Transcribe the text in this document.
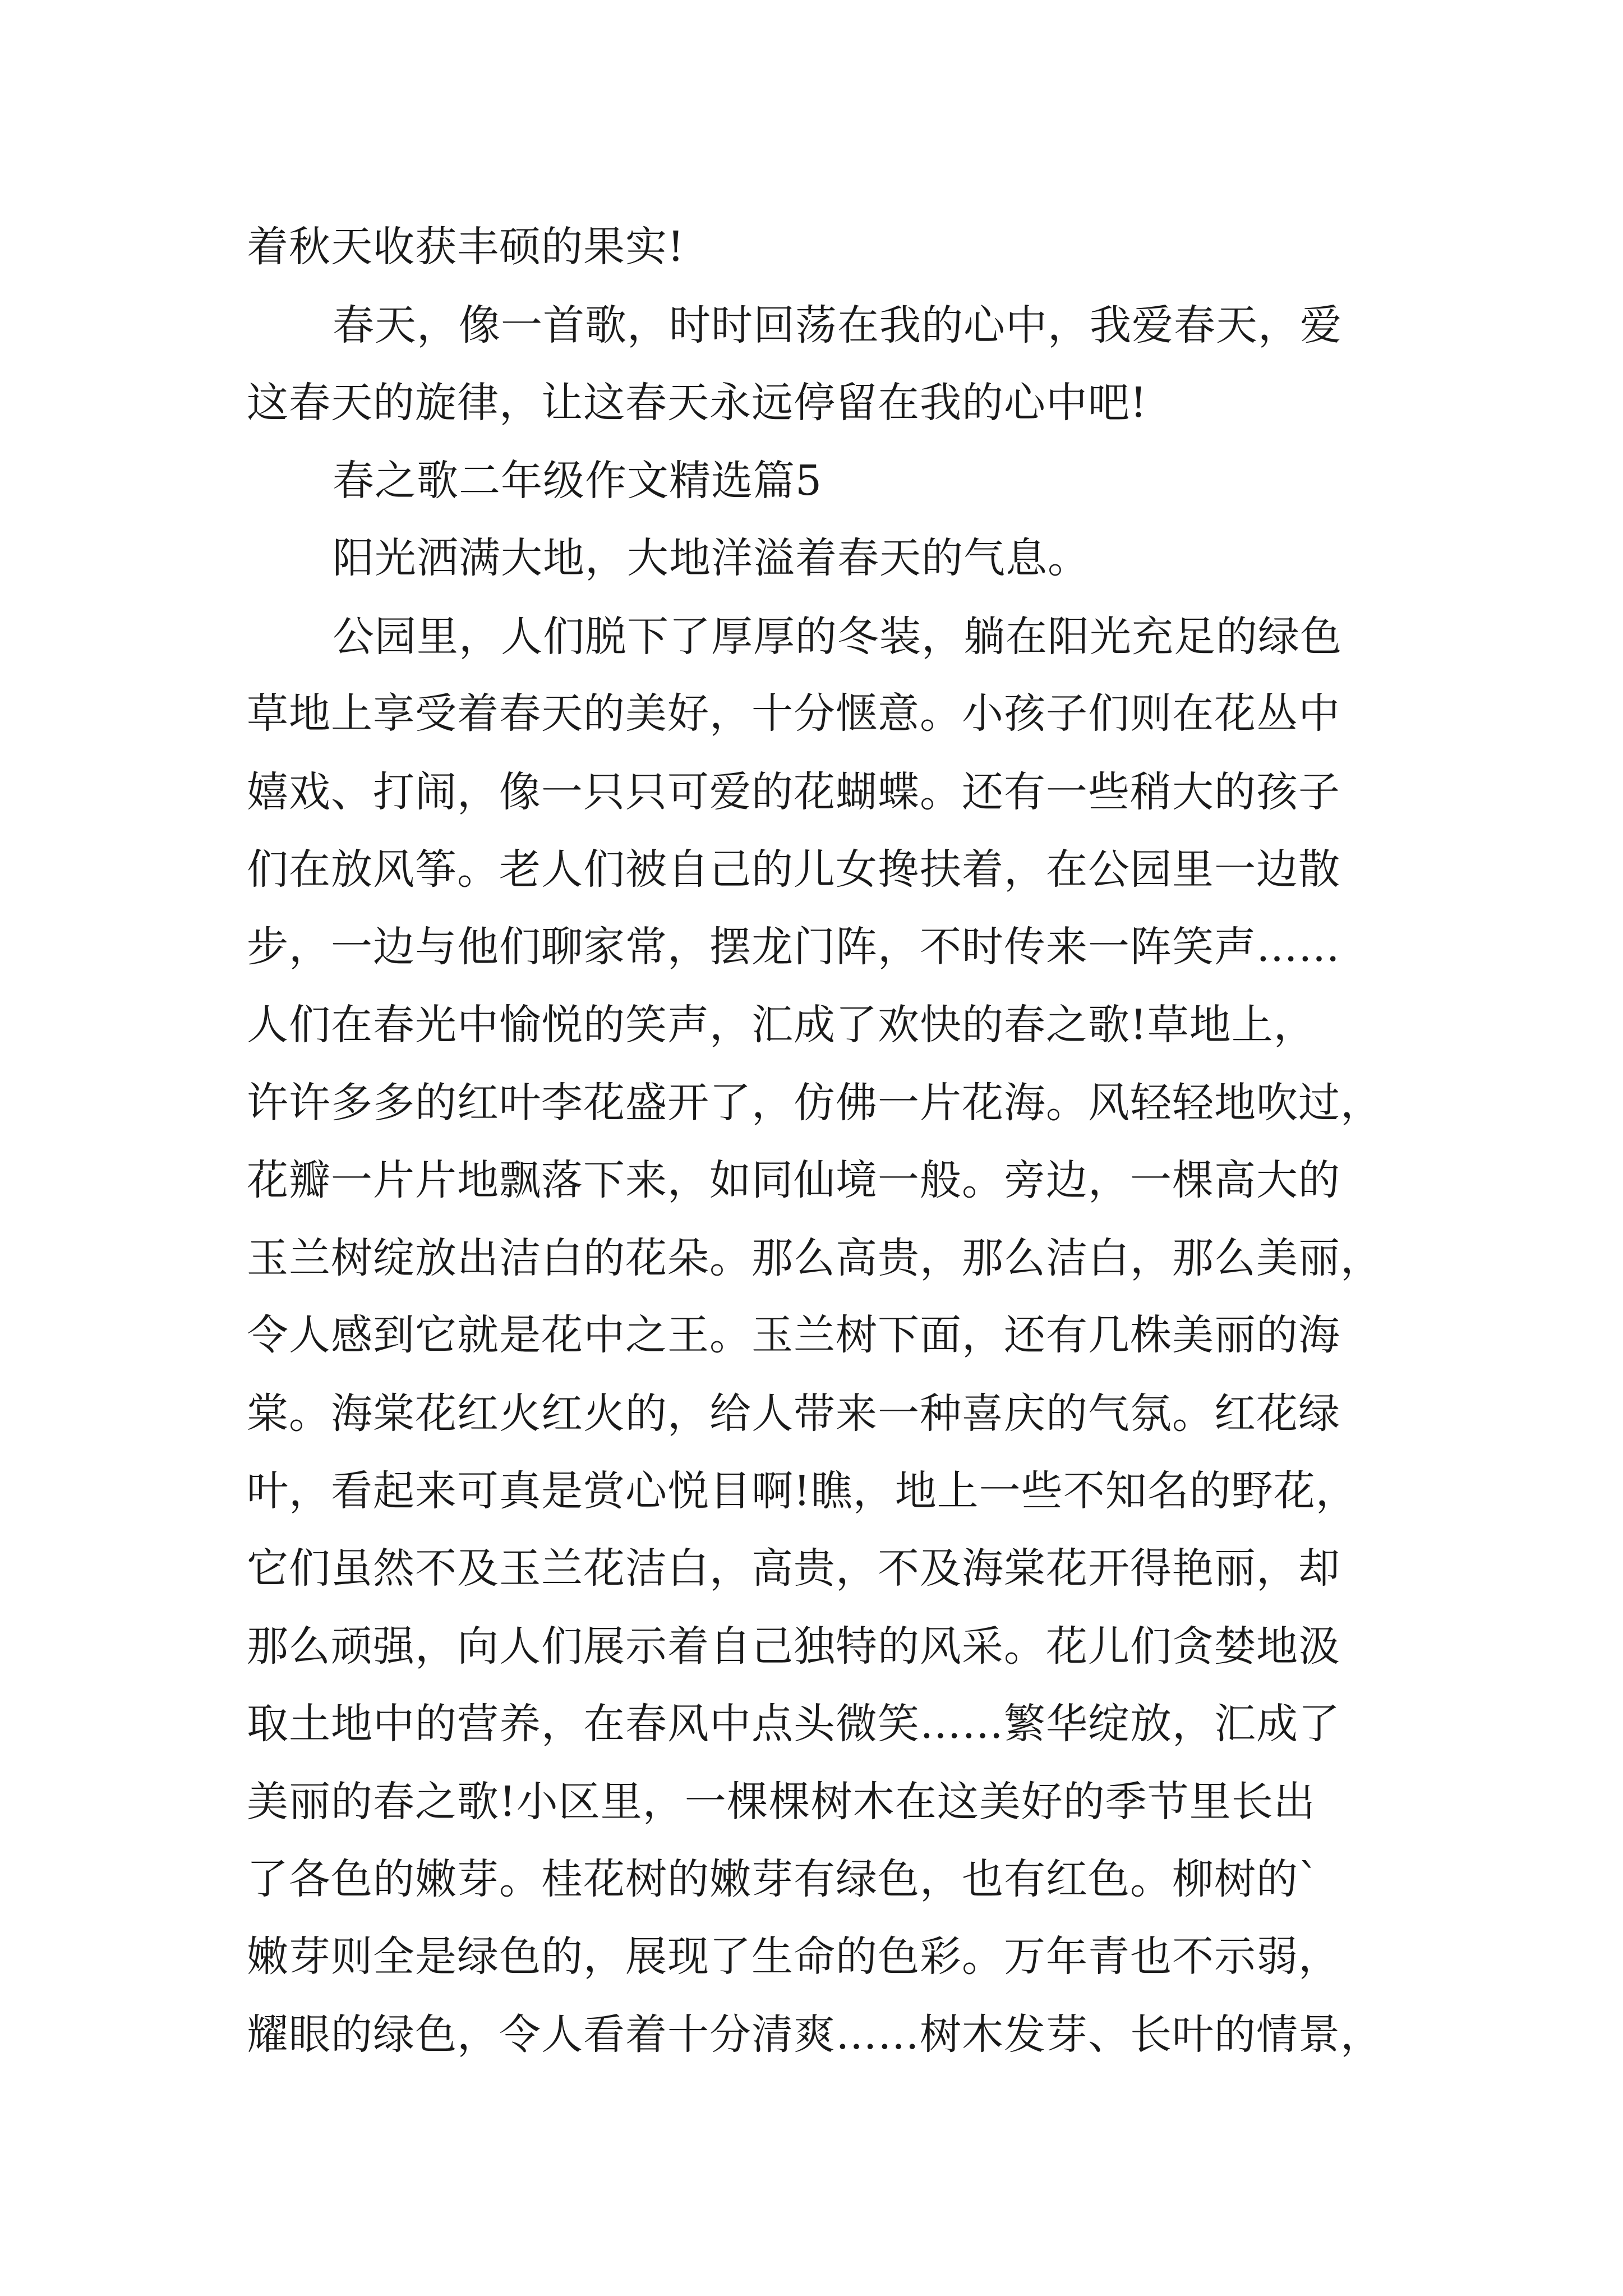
着秋天收获丰硕的果实!
春天，像一首歌，时时回荡在我的心中，我爱春天，爱
这春天的旋律，让这春天永远停留在我的心中吧!
春之歌二年级作文精选篇5
阳光洒满大地，大地洋溢着春天的气息。
公园里，人们脱下了厚厚的冬装，躺在阳光充足的绿色
草地上享受着春天的美好，十分惬意。小孩子们则在花丛中
嬉戏、打闹，像一只只可爱的花蝴蝶。还有一些稍大的孩子
们在放风筝。老人们被自己的儿女搀扶着，在公园里一边散
步，一边与他们聊家常，摆龙门阵，不时传来一阵笑声……
人们在春光中愉悦的笑声，汇成了欢快的春之歌!草地上，
许许多多的红叶李花盛开了，仿佛一片花海。风轻轻地吹过，
花瓣一片片地飘落下来，如同仙境一般。旁边，一棵高大的
玉兰树绽放出洁白的花朵。那么高贵，那么洁白，那么美丽，
令人感到它就是花中之王。玉兰树下面，还有几株美丽的海
棠。海棠花红火红火的，给人带来一种喜庆的气氛。红花绿
叶，看起来可真是赏心悦目啊!瞧，地上一些不知名的野花，
它们虽然不及玉兰花洁白，高贵，不及海棠花开得艳丽，却
那么顽强，向人们展示着自己独特的风采。花儿们贪婪地汲
取土地中的营养，在春风中点头微笑……繁华绽放，汇成了
美丽的春之歌!小区里，一棵棵树木在这美好的季节里长出
了各色的嫩芽。桂花树的嫩芽有绿色，也有红色。柳树的`
嫩芽则全是绿色的，展现了生命的色彩。万年青也不示弱，
耀眼的绿色，令人看着十分清爽……树木发芽、长叶的情景，
